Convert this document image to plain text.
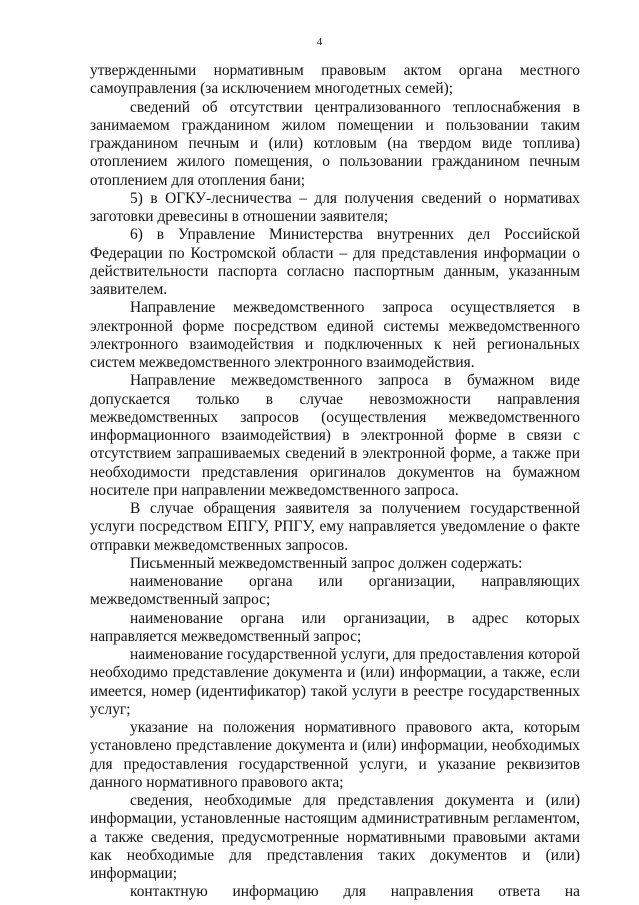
4

утвержденными нормативным правовым актом органа местного самоуправления (за исключением многодетных семей);

сведений об отсутствии централизованного теплоснабжения в занимаемом гражданином жилом помещении и пользовании таким гражданином печным и (или) котловым (на твердом виде топлива) отоплением жилого помещения, о пользовании гражданином печным отоплением для отопления бани;

5) в ОГКУ-лесничества – для получения сведений о нормативах заготовки древесины в отношении заявителя;

6) в Управление Министерства внутренних дел Российской Федерации по Костромской области – для представления информации о действительности паспорта согласно паспортным данным, указанным заявителем.

Направление межведомственного запроса осуществляется в электронной форме посредством единой системы межведомственного электронного взаимодействия и подключенных к ней региональных систем межведомственного электронного взаимодействия.

Направление межведомственного запроса в бумажном виде допускается только в случае невозможности направления межведомственных запросов (осуществления межведомственного информационного взаимодействия) в электронной форме в связи с отсутствием запрашиваемых сведений в электронной форме, а также при необходимости представления оригиналов документов на бумажном носителе при направлении межведомственного запроса.

В случае обращения заявителя за получением государственной услуги посредством ЕПГУ, РПГУ, ему направляется уведомление о факте отправки межведомственных запросов.

Письменный межведомственный запрос должен содержать:

наименование органа или организации, направляющих межведомственный запрос;

наименование органа или организации, в адрес которых направляется межведомственный запрос;

наименование государственной услуги, для предоставления которой необходимо представление документа и (или) информации, а также, если имеется, номер (идентификатор) такой услуги в реестре государственных услуг;

указание на положения нормативного правового акта, которым установлено представление документа и (или) информации, необходимых для предоставления государственной услуги, и указание реквизитов данного нормативного правового акта;

сведения, необходимые для представления документа и (или) информации, установленные настоящим административным регламентом, а также сведения, предусмотренные нормативными правовыми актами как необходимые для представления таких документов и (или) информации;

контактную информацию для направления ответа на
